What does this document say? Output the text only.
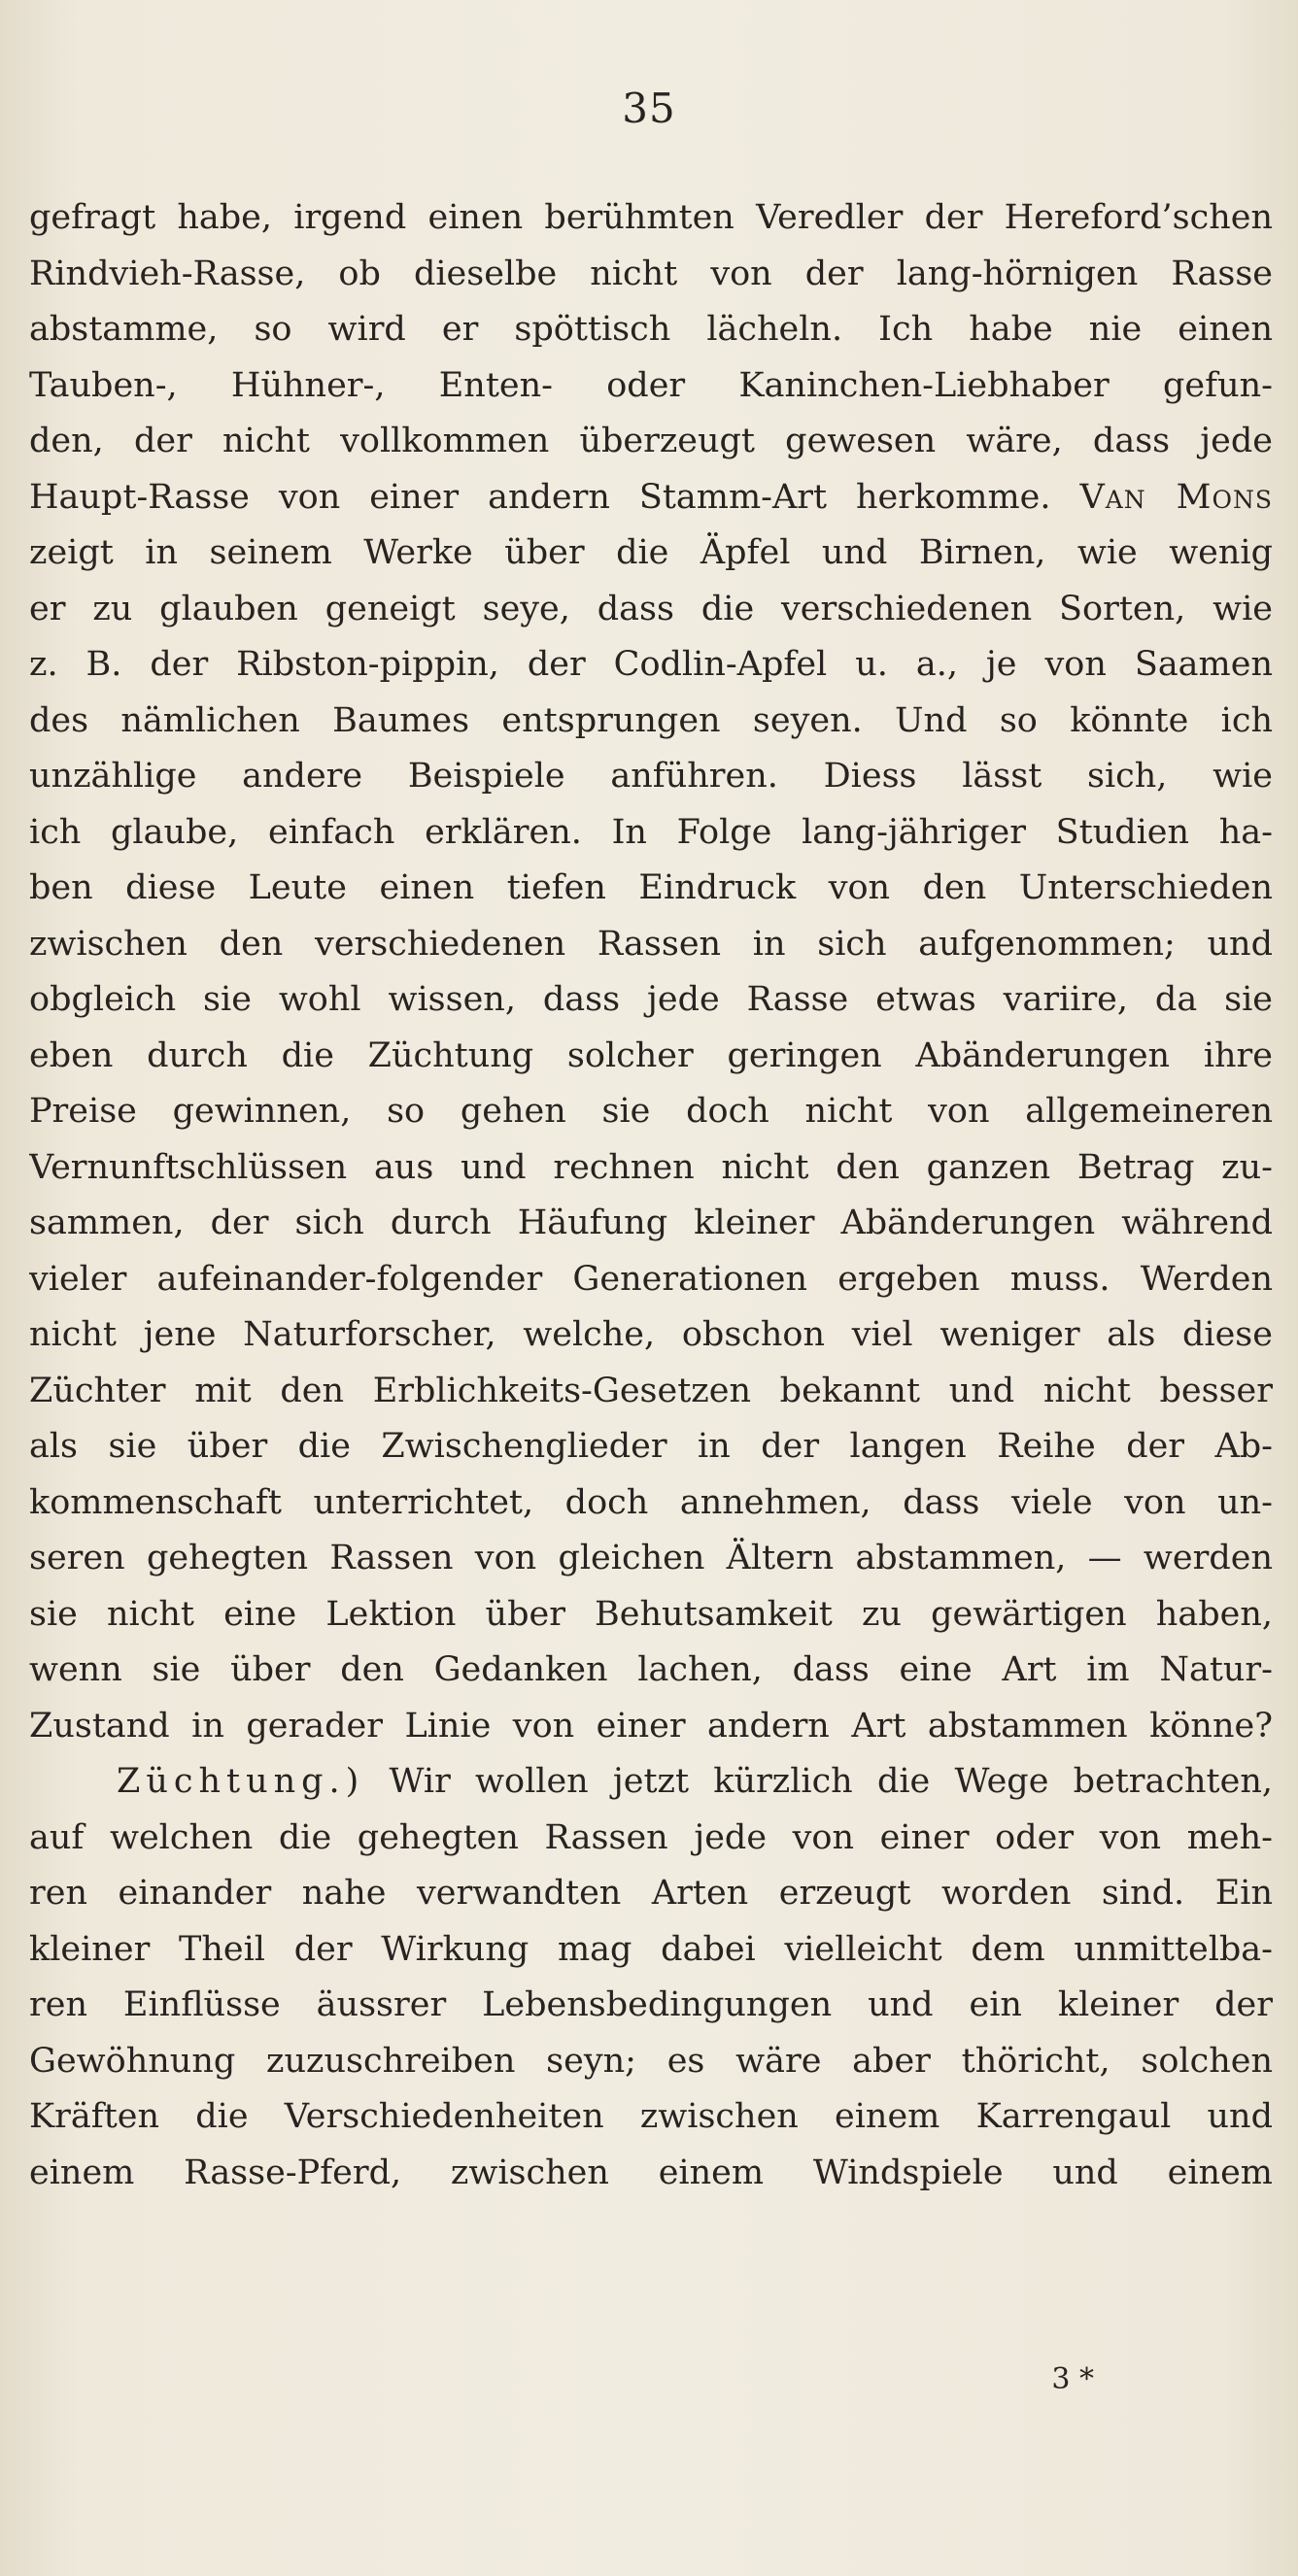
35
gefragt habe, irgend einen berühmten Veredler der Hereford’schen
Rindvieh-Rasse, ob dieselbe nicht von der lang-hörnigen Rasse
abstamme, so wird er spöttisch lächeln. Ich habe nie einen
Tauben-, Hühner-, Enten- oder Kaninchen-Liebhaber gefun-
den, der nicht vollkommen überzeugt gewesen wäre, dass jede
Haupt-Rasse von einer andern Stamm-Art herkomme. Van Mons
zeigt in seinem Werke über die Äpfel und Birnen, wie wenig
er zu glauben geneigt seye, dass die verschiedenen Sorten, wie
z. B. der Ribston-pippin, der Codlin-Apfel u. a., je von Saamen
des nämlichen Baumes entsprungen seyen. Und so könnte ich
unzählige andere Beispiele anführen. Diess lässt sich, wie
ich glaube, einfach erklären. In Folge lang-jähriger Studien ha-
ben diese Leute einen tiefen Eindruck von den Unterschieden
zwischen den verschiedenen Rassen in sich aufgenommen; und
obgleich sie wohl wissen, dass jede Rasse etwas variire, da sie
eben durch die Züchtung solcher geringen Abänderungen ihre
Preise gewinnen, so gehen sie doch nicht von allgemeineren
Vernunftschlüssen aus und rechnen nicht den ganzen Betrag zu-
sammen, der sich durch Häufung kleiner Abänderungen während
vieler aufeinander-folgender Generationen ergeben muss. Werden
nicht jene Naturforscher, welche, obschon viel weniger als diese
Züchter mit den Erblichkeits-Gesetzen bekannt und nicht besser
als sie über die Zwischenglieder in der langen Reihe der Ab-
kommenschaft unterrichtet, doch annehmen, dass viele von un-
seren gehegten Rassen von gleichen Ältern abstammen, — werden
sie nicht eine Lektion über Behutsamkeit zu gewärtigen haben,
wenn sie über den Gedanken lachen, dass eine Art im Natur-
Zustand in gerader Linie von einer andern Art abstammen könne?
Züchtung.) Wir wollen jetzt kürzlich die Wege betrachten,
auf welchen die gehegten Rassen jede von einer oder von meh-
ren einander nahe verwandten Arten erzeugt worden sind. Ein
kleiner Theil der Wirkung mag dabei vielleicht dem unmittelba-
ren Einflüsse äussrer Lebensbedingungen und ein kleiner der
Gewöhnung zuzuschreiben seyn; es wäre aber thöricht, solchen
Kräften die Verschiedenheiten zwischen einem Karrengaul und
einem Rasse-Pferd, zwischen einem Windspiele und einem
3 *
